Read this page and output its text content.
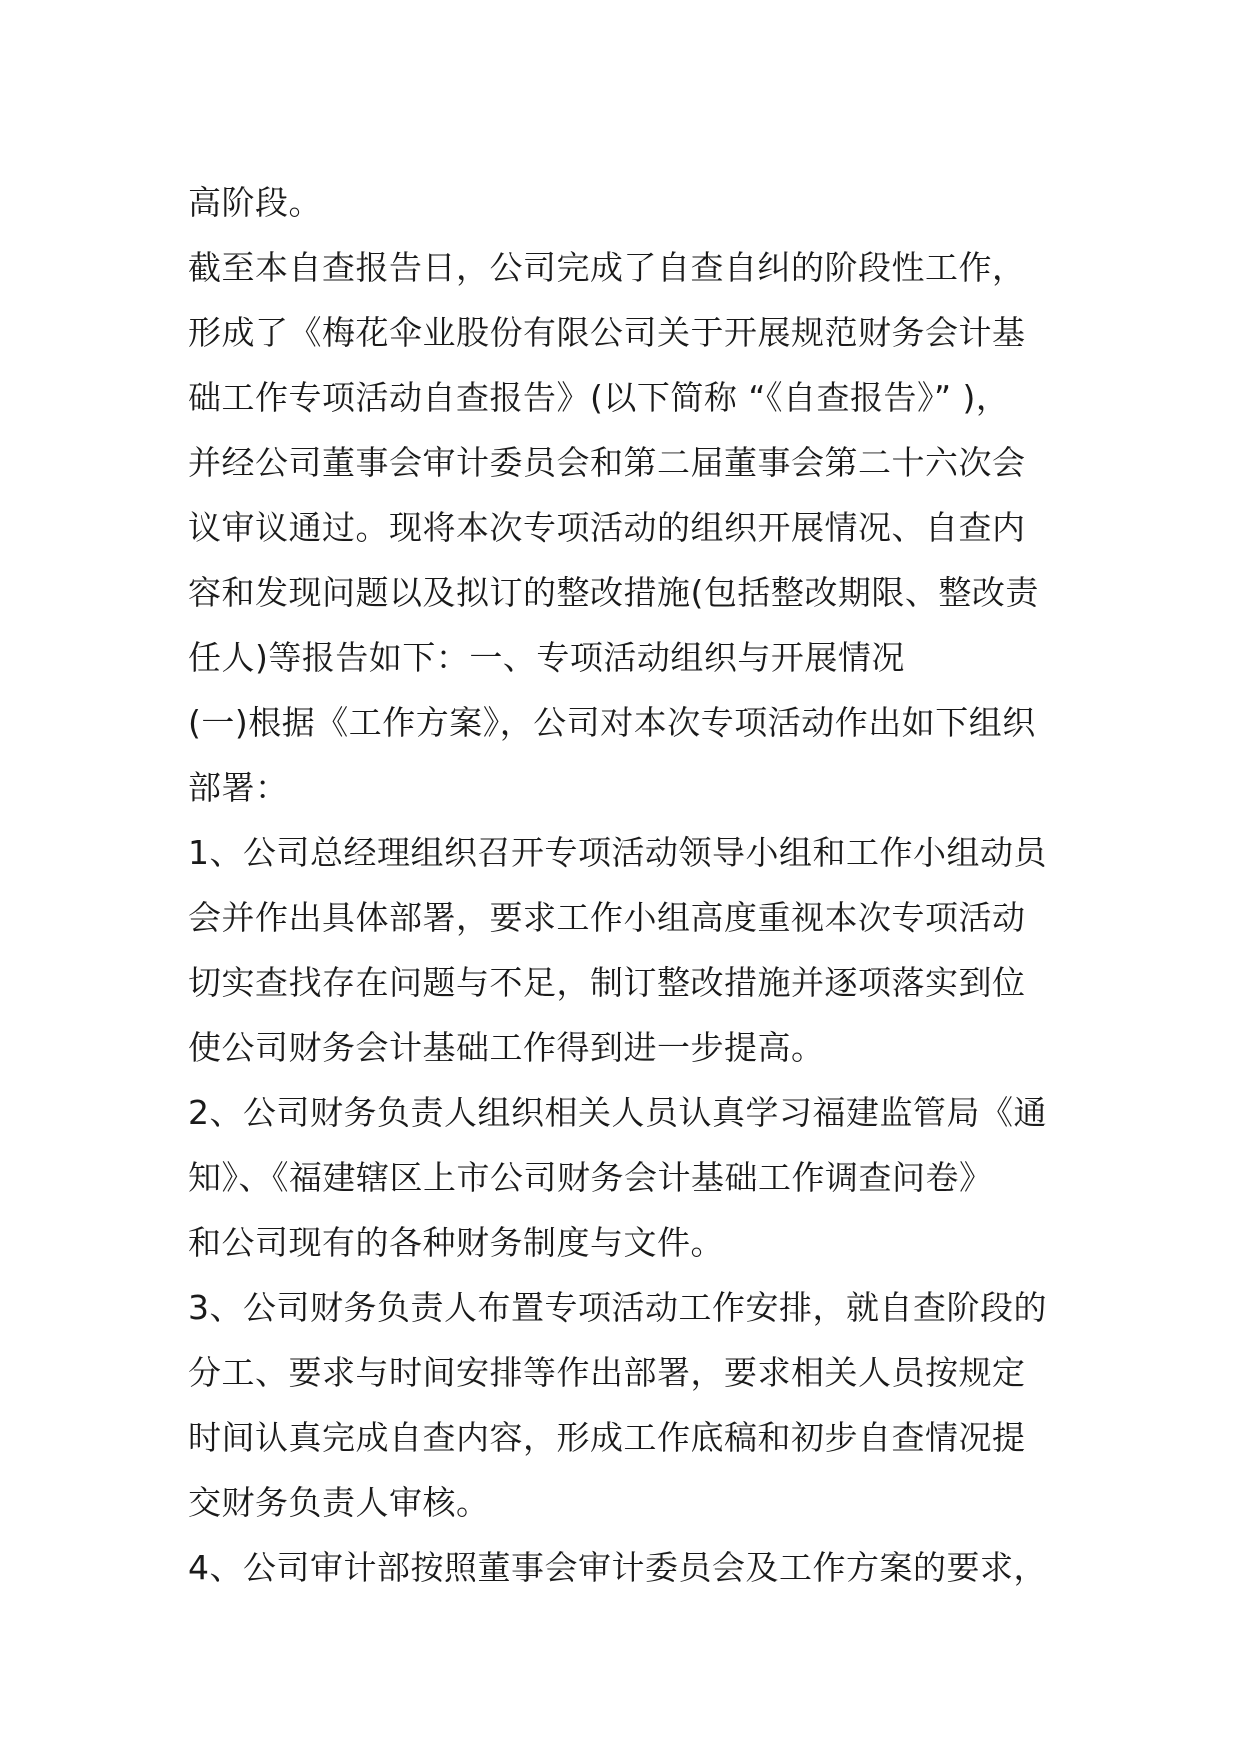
高阶段。
截至本自查报告日，公司完成了自查自纠的阶段性工作，
形成了《梅花伞业股份有限公司关于开展规范财务会计基
础工作专项活动自查报告》(以下简称 “《自查报告》” )，
并经公司董事会审计委员会和第二届董事会第二十六次会
议审议通过。现将本次专项活动的组织开展情况、自查内
容和发现问题以及拟订的整改措施(包括整改期限、整改责
任人)等报告如下：一、专项活动组织与开展情况
(一)根据《工作方案》，公司对本次专项活动作出如下组织
部署：
1、公司总经理组织召开专项活动领导小组和工作小组动员
会并作出具体部署，要求工作小组高度重视本次专项活动
切实查找存在问题与不足，制订整改措施并逐项落实到位
使公司财务会计基础工作得到进一步提高。
2、公司财务负责人组织相关人员认真学习福建监管局《通
知》、《福建辖区上市公司财务会计基础工作调查问卷》
和公司现有的各种财务制度与文件。
3、公司财务负责人布置专项活动工作安排，就自查阶段的
分工、要求与时间安排等作出部署，要求相关人员按规定
时间认真完成自查内容，形成工作底稿和初步自查情况提
交财务负责人审核。
4、公司审计部按照董事会审计委员会及工作方案的要求，
